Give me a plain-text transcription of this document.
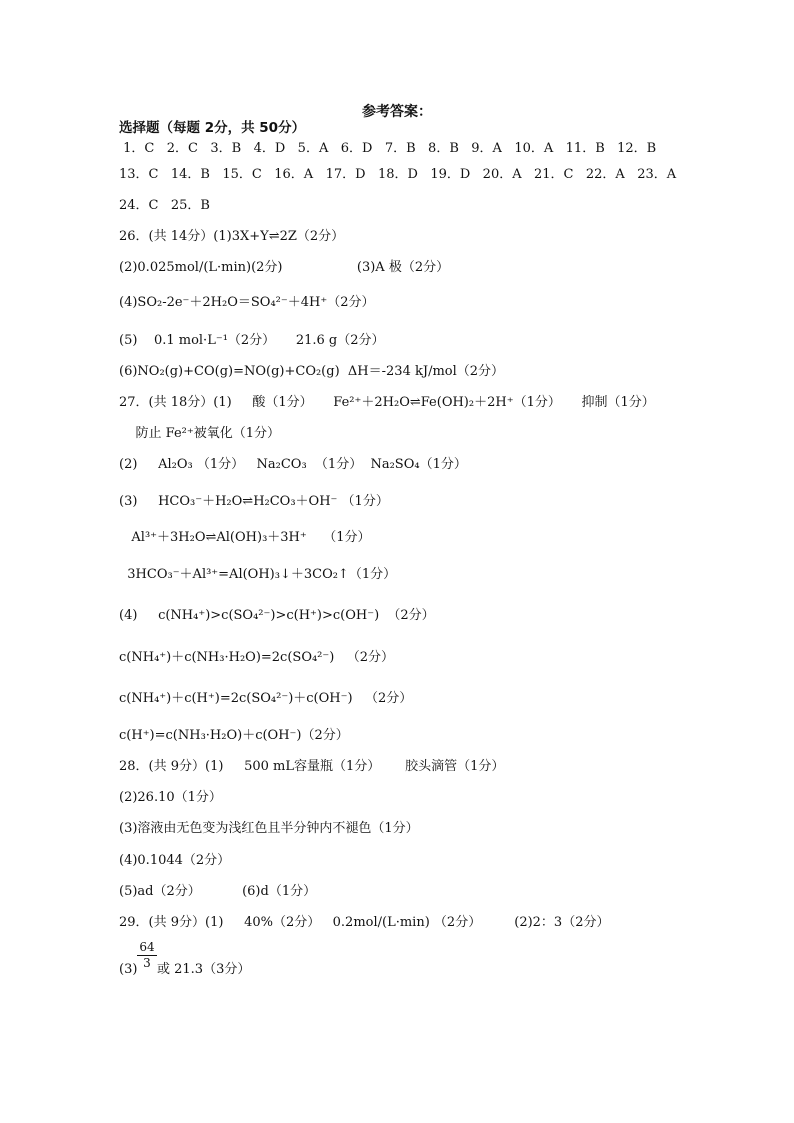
参考答案：
选择题（每题 2分，共 50分）
1．C   2．C   3．B   4．D   5．A   6．D   7．B   8．B   9．A   10．A   11．B   12．B
13．C   14．B   15．C   16．A   17．D   18．D   19．D   20．A   21．C   22．A   23．A
24．C   25．B
26．(共 14分）(1)3X+Y⇌2Z（2分）
(2)0.025mol/(L·min)(2分)                  (3)A 极（2分）
(4)SO₂-2e⁻＋2H₂O＝SO₄²⁻＋4H⁺（2分）
(5)    0.1 mol·L⁻¹（2分）     21.6 g（2分）
(6)NO₂(g)+CO(g)=NO(g)+CO₂(g)  ΔH＝-234 kJ/mol（2分）
27．(共 18分）(1)     酸（1分）     Fe²⁺＋2H₂O⇌Fe(OH)₂＋2H⁺（1分）     抑制（1分）
防止 Fe²⁺被氧化（1分）
(2)     Al₂O₃ （1分）   Na₂CO₃  （1分）  Na₂SO₄（1分）
(3)     HCO₃⁻＋H₂O⇌H₂CO₃＋OH⁻ （1分）
Al³⁺＋3H₂O⇌Al(OH)₃＋3H⁺    （1分）
3HCO₃⁻＋Al³⁺=Al(OH)₃↓＋3CO₂↑（1分）
(4)     c(NH₄⁺)>c(SO₄²⁻)>c(H⁺)>c(OH⁻)  （2分）
c(NH₄⁺)＋c(NH₃·H₂O)=2c(SO₄²⁻)   （2分）
c(NH₄⁺)＋c(H⁺)=2c(SO₄²⁻)＋c(OH⁻)   （2分）
c(H⁺)=c(NH₃·H₂O)＋c(OH⁻)（2分）
28．(共 9分）(1)     500 mL容量瓶（1分）      胶头滴管（1分）
(2)26.10（1分）
(3)溶液由无色变为浅红色且半分钟内不褪色（1分）
(4)0.1044（2分）
(5)ad（2分）          (6)d（1分）
29．(共 9分）(1)     40%（2分）   0.2mol/(L·min) （2分）        (2)2：3（2分）
(3)
64
3 或 21.3（3分）
